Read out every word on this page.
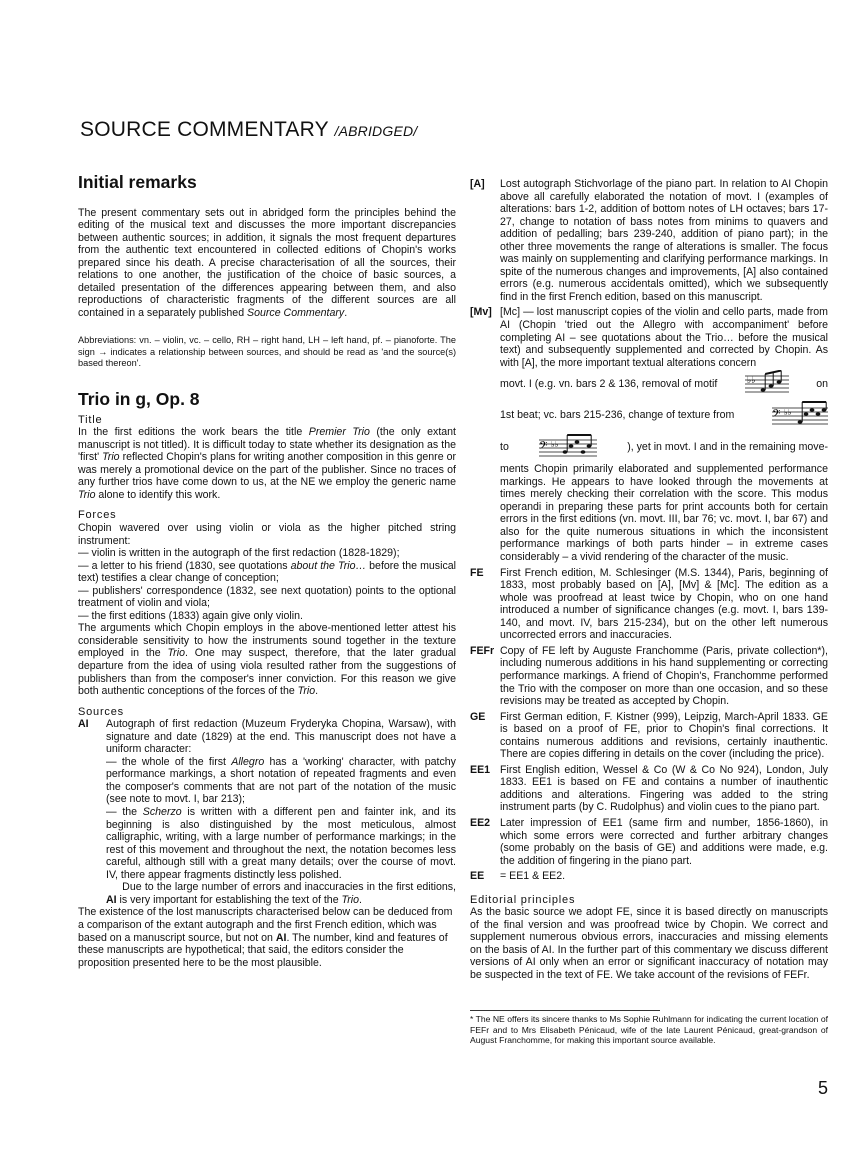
SOURCE COMMENTARY /ABRIDGED/
Initial remarks

The present commentary sets out in abridged form the principles behind the editing of the musical text and discusses the more important discrepancies between authentic sources; in addition, it signals the most frequent departures from the authentic text encountered in collected editions of Chopin's works prepared since his death. A precise characterisation of all the sources, their relations to one another, the justification of the choice of basic sources, a detailed presentation of the differences appearing between them, and also reproductions of characteristic fragments of the different sources are all contained in a separately published Source Commentary.

Abbreviations: vn. – violin, vc. – cello, RH – right hand, LH – left hand, pf. – pianoforte. The sign → indicates a relationship between sources, and should be read as 'and the source(s) based thereon'.

Trio in g, Op. 8
Title

In the first editions the work bears the title Premier Trio (the only extant manuscript is not titled). It is difficult today to state whether its designation as the 'first' Trio reflected Chopin's plans for writing another composition in this genre or was merely a promotional device on the part of the publisher. Since no traces of any further trios have come down to us, at the NE we employ the generic name Trio alone to identify this work.

Forces

Chopin wavered over using violin or viola as the higher pitched string instrument:

— violin is written in the autograph of the first redaction (1828-1829);

— a letter to his friend (1830, see quotations about the Trio… before the musical text) testifies a clear change of conception;

— publishers' correspondence (1832, see next quotation) points to the optional treatment of violin and viola;

— the first editions (1833) again give only violin.

The arguments which Chopin employs in the above-mentioned letter attest his considerable sensitivity to how the instruments sound together in the texture employed in the Trio. One may suspect, therefore, that the later gradual departure from the idea of using viola resulted rather from the suggestions of publishers than from the composer's inner conviction. For this reason we give both authentic conceptions of the forces of the Trio.

Sources
AI	Autograph of first redaction (Muzeum Fryderyka Chopina, Warsaw), with signature and date (1829) at the end. This manuscript does not have a uniform character:

— the whole of the first Allegro has a 'working' character, with patchy performance markings, a short notation of repeated fragments and even the composer's comments that are not part of the notation of the music (see note to movt. I, bar 213);

— the Scherzo is written with a different pen and fainter ink, and its beginning is also distinguished by the most meticulous, almost calligraphic, writing, with a large number of performance markings; in the rest of this movement and throughout the next, the notation becomes less careful, although still with a great many details; over the course of movt. IV, there appear fragments distinctly less polished.

Due to the large number of errors and inaccuracies in the first editions, AI is very important for establishing the text of the Trio.

The existence of the lost manuscripts characterised below can be deduced from a comparison of the extant autograph and the first French edition, which was based on a manuscript source, but not on AI. The number, kind and features of these manuscripts are hypothetical; that said, the editors consider the proposition presented here to be the most plausible.

[A]	Lost autograph Stichvorlage of the piano part. In relation to AI Chopin above all carefully elaborated the notation of movt. I (examples of alterations: bars 1-2, addition of bottom notes of LH octaves; bars 17-27, change to notation of bass notes from minims to quavers and addition of pedalling; bars 239-240, addition of piano part); in the other three movements the range of alterations is smaller. The focus was mainly on supplementing and clarifying performance markings. In spite of the numerous changes and improvements, [A] also contained errors (e.g. numerous accidentals omitted), which we subsequently find in the first French edition, based on this manuscript.
[Mv] [Mc] — lost manuscript copies of the violin and cello parts, made from AI (Chopin 'tried out the Allegro with accompaniment' before completing AI – see quotations about the Trio… before the musical text) and subsequently supplemented and corrected by Chopin. As with [A], the more important textual alterations concern
movt. I (e.g. vn. bars 2 & 136, removal of motif	♭♭	on
1st beat; vc. bars 215-236, change of texture from	𝄢 ♭♭
to 𝄢 ♭♭	), yet in movt. I and in the remaining move-
ments Chopin primarily elaborated and supplemented performance markings. He appears to have looked through the movements at times merely checking their correlation with the score. This modus operandi in preparing these parts for print accounts both for certain errors in the first editions (vn. movt. III, bar 76; vc. movt. I, bar 67) and also for the quite numerous situations in which the inconsistent performance markings of both parts hinder – in extreme cases considerably – a vivid rendering of the character of the music.
FE	First French edition, M. Schlesinger (M.S. 1344), Paris, beginning of 1833, most probably based on [A], [Mv] & [Mc]. The edition as a whole was proofread at least twice by Chopin, who on one hand introduced a number of significance changes (e.g. movt. I, bars 139-140, and movt. IV, bars 215-234), but on the other left numerous uncorrected errors and inaccuracies.
FEFr Copy of FE left by Auguste Franchomme (Paris, private collection*), including numerous additions in his hand supplementing or correcting performance markings. A friend of Chopin's, Franchomme performed the Trio with the composer on more than one occasion, and so these revisions may be treated as accepted by Chopin.
GE	First German edition, F. Kistner (999), Leipzig, March-April 1833. GE is based on a proof of FE, prior to Chopin's final corrections. It contains numerous additions and revisions, certainly inauthentic. There are copies differing in details on the cover (including the price).
EE1 First English edition, Wessel & Co (W & Co No 924), London, July 1833. EE1 is based on FE and contains a number of inauthentic additions and alterations. Fingering was added to the string instrument parts (by C. Rudolphus) and violin cues to the piano part.
EE2 Later impression of EE1 (same firm and number, 1856-1860), in which some errors were corrected and further arbitrary changes (some probably on the basis of GE) and additions were made, e.g. the addition of fingering in the piano part.
EE	= EE1 & EE2.
Editorial principles

As the basic source we adopt FE, since it is based directly on manuscripts of the final version and was proofread twice by Chopin. We correct and supplement numerous obvious errors, inaccuracies and missing elements on the basis of AI. In the further part of this commentary we discuss different versions of AI only when an error or significant inaccuracy of notation may be suspected in the text of FE. We take account of the revisions of FEFr.

* The NE offers its sincere thanks to Ms Sophie Ruhlmann for indicating the current location of FEFr and to Mrs Elisabeth Pénicaud, wife of the late Laurent Pénicaud, great-grandson of August Franchomme, for making this important source available.
5
